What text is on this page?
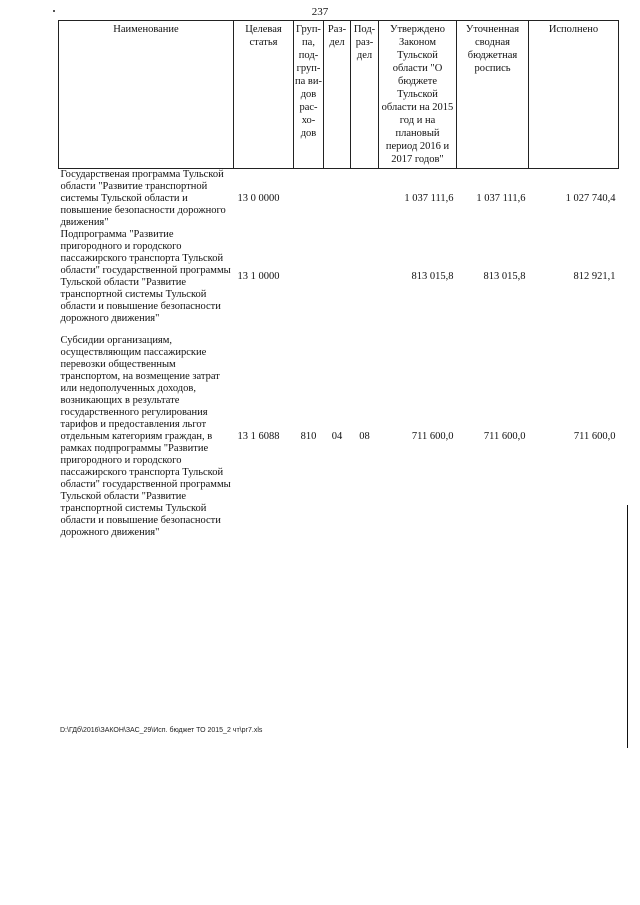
237
Наименование	Целевая статья	Груп-па, под-груп-па ви-дов рас-хо-дов	Раз-дел	Под-раз-дел	Утверждено Законом Тульской области "О бюджете Тульской области на 2015 год и на плановый период 2016 и 2017 годов"	Уточненная сводная бюджетная роспись	Исполнено
Государственая программа Тульской области "Развитие транспортной системы Тульской области и повышение безопасности дорожного движения"	13 0 0000				1 037 111,6	1 037 111,6	1 027 740,4
Подпрограмма "Развитие пригородного и городского пассажирского транспорта Тульской области" государственной программы Тульской области "Развитие транспортной системы Тульской области и повышение безопасности дорожного движения"	13 1 0000				813 015,8	813 015,8	812 921,1

Субсидии организациям, осуществляющим пассажирские перевозки общественным транспортом, на возмещение затрат или недополученных доходов, возникающих в результате государственного регулирования тарифов и предоставления льгот отдельным категориям граждан, в рамках подпрограммы "Развитие пригородного и городского пассажирского транспорта Тульской области" государственной программы Тульской области "Развитие транспортной системы Тульской области и повышение безопасности дорожного движения"	13 1 6088	810	04	08	711 600,0	711 600,0	711 600,0
D:\ГДб\2016\ЗАКОН\ЗАС_29\Исп. бюджет ТО 2015_2 чт\рг7.xls
